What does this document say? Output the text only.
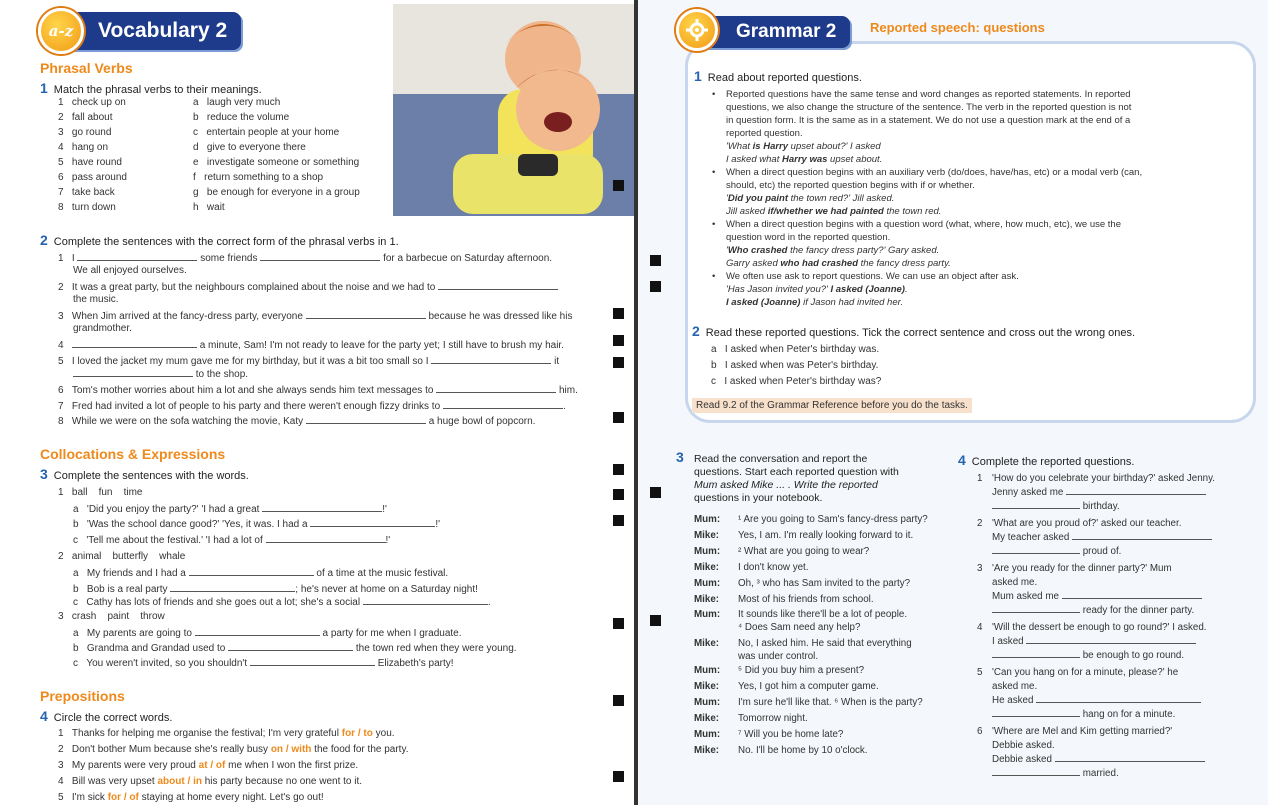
a-z	Vocabulary 2
Phrasal Verbs
1 Match the phrasal verbs to their meanings.
1 check up on
2 fall about
3 go round
4 hang on
5 have round
6 pass around
7 take back
8 turn down
a laugh very much
b reduce the volume
c entertain people at your home
d give to everyone there
e investigate someone or something
f return something to a shop
g be enough for everyone in a group
h wait
2 Complete the sentences with the correct form of the phrasal verbs in 1.
1   I	some friends	for a barbecue on Saturday afternoon.
We all enjoyed ourselves.
2   It was a great party, but the neighbours complained about the noise and we had to
the music.
3   When Jim arrived at the fancy-dress party, everyone	because he was dressed like his
grandmother.
4	a minute, Sam! I'm not ready to leave for the party yet; I still have to brush my hair.
5   I loved the jacket my mum gave me for my birthday, but it was a bit too small so I	it
to the shop.
6   Tom's mother worries about him a lot and she always sends him text messages to	him.
7   Fred had invited a lot of people to his party and there weren't enough fizzy drinks to	.
8   While we were on the sofa watching the movie, Katy	a huge bowl of popcorn.
Collocations & Expressions
3 Complete the sentences with the words.
1   ball    fun    time
a   'Did you enjoy the party?' 'I had a great	!'
b   'Was the school dance good?' 'Yes, it was. I had a	!'
c   'Tell me about the festival.' 'I had a lot of	!'
2   animal    butterfly    whale
a   My friends and I had a	of a time at the music festival.
b   Bob is a real party	; he's never at home on a Saturday night!
c   Cathy has lots of friends and she goes out a lot; she's a social	.
3   crash    paint    throw
a   My parents are going to	a party for me when I graduate.
b   Grandma and Grandad used to	the town red when they were young.
c   You weren't invited, so you shouldn't	Elizabeth's party!
Prepositions
4 Circle the correct words.
1   Thanks for helping me organise the festival; I'm very grateful for / to you.
2   Don't bother Mum because she's really busy on / with the food for the party.
3   My parents were very proud at / of me when I won the first prize.
4   Bill was very upset about / in his party because no one went to it.
5   I'm sick for / of staying at home every night. Let's go out!
Grammar 2	Reported speech: questions
1 Read about reported questions.
• Reported questions have the same tense and word changes as reported statements. In reported
questions, we also change the structure of the sentence. The verb in the reported question is not
in question form. It is the same as in a statement. We do not use a question mark at the end of a
reported question.
'What is Harry upset about?' I asked
I asked what Harry was upset about.
• When a direct question begins with an auxiliary verb (do/does, have/has, etc) or a modal verb (can,
should, etc) the reported question begins with if or whether.
'Did you paint the town red?' Jill asked.
Jill asked if/whether we had painted the town red.
• When a direct question begins with a question word (what, where, how much, etc), we use the
question word in the reported question.
'Who crashed the fancy dress party?' Gary asked.
Garry asked who had crashed the fancy dress party.
• We often use ask to report questions. We can use an object after ask.
'Has Jason invited you?' I asked (Joanne).
I asked (Joanne) if Jason had invited her.
2 Read these reported questions. Tick the correct sentence and cross out the wrong ones.
a I asked when Peter's birthday was.
b I asked when was Peter's birthday.
c I asked when Peter's birthday was?
Read 9.2 of the Grammar Reference before you do the tasks.
3 Read the conversation and report the
questions. Start each reported question with
Mum asked Mike ... . Write the reported
questions in your notebook.
Mum: ¹ Are you going to Sam's fancy-dress party?
Mike: Yes, I am. I'm really looking forward to it.
Mum: ² What are you going to wear?
Mike: I don't know yet.
Mum: Oh, ³ who has Sam invited to the party?
Mike: Most of his friends from school.
Mum: It sounds like there'll be a lot of people.
⁴ Does Sam need any help?
Mike: No, I asked him. He said that everything
was under control.
Mum: ⁵ Did you buy him a present?
Mike: Yes, I got him a computer game.
Mum: I'm sure he'll like that. ⁶ When is the party?
Mike: Tomorrow night.
Mum: ⁷ Will you be home late?
Mike: No. I'll be home by 10 o'clock.
4 Complete the reported questions.
1 'How do you celebrate your birthday?' asked Jenny.
Jenny asked me
birthday.
2 'What are you proud of?' asked our teacher.
My teacher asked
proud of.
3 'Are you ready for the dinner party?' Mum
asked me.
Mum asked me
ready for the dinner party.
4 'Will the dessert be enough to go round?' I asked.
I asked
be enough to go round.
5 'Can you hang on for a minute, please?' he
asked me.
He asked
hang on for a minute.
6 'Where are Mel and Kim getting married?'
Debbie asked.
Debbie asked
married.
